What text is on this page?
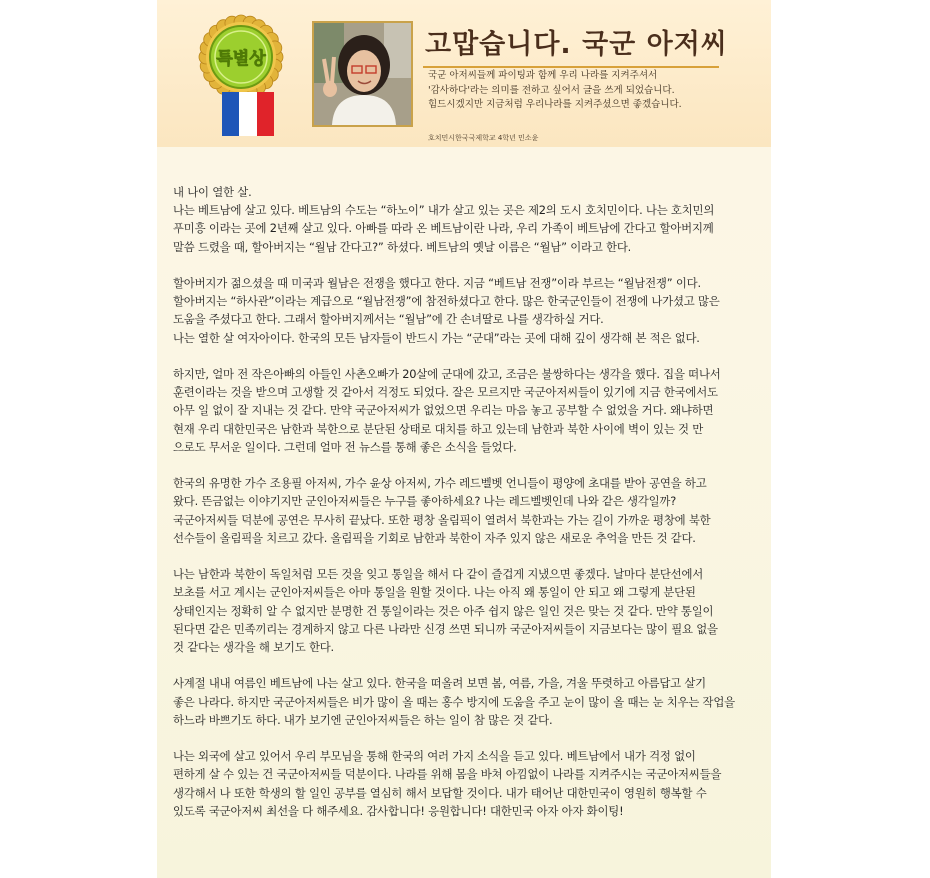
특별상	고맙습니다. 국군 아저씨
국군 아저씨들께 파이팅과 함께 우리 나라를 지켜주셔서
'감사하다'라는 의미를 전하고 싶어서 글을 쓰게 되었습니다.
힘드시겠지만 지금처럼 우리나라를 지켜주셨으면 좋겠습니다.
호치민시한국국제학교 4학년 민소윤

내 나이 열한 살.
나는 베트남에 살고 있다. 베트남의 수도는 “하노이” 내가 살고 있는 곳은 제2의 도시 호치민이다. 나는 호치민의
푸미흥 이라는 곳에 2년째 살고 있다. 아빠를 따라 온 베트남이란 나라, 우리 가족이 베트남에 간다고 할아버지께
말씀 드렸을 때, 할아버지는 “월남 간다고?” 하셨다. 베트남의 옛날 이름은 “월남” 이라고 한다.

할아버지가 젊으셨을 때 미국과 월남은 전쟁을 했다고 한다. 지금 “베트남 전쟁”이라 부르는 “월남전쟁” 이다.
할아버지는 “하사관”이라는 계급으로 “월남전쟁”에 참전하셨다고 한다. 많은 한국군인들이 전쟁에 나가셨고 많은
도움을 주셨다고 한다. 그래서 할아버지께서는 “월남”에 간 손녀딸로 나를 생각하실 거다.
나는 열한 살 여자아이다. 한국의 모든 남자들이 반드시 가는 “군대”라는 곳에 대해 깊이 생각해 본 적은 없다.

하지만, 얼마 전 작은아빠의 아들인 사촌오빠가 20살에 군대에 갔고, 조금은 불쌍하다는 생각을 했다. 집을 떠나서
훈련이라는 것을 받으며 고생할 것 같아서 걱정도 되었다. 잘은 모르지만 국군아저씨들이 있기에 지금 한국에서도
아무 일 없이 잘 지내는 것 같다. 만약 국군아저씨가 없었으면 우리는 마음 놓고 공부할 수 없었을 거다. 왜냐하면
현재 우리 대한민국은 남한과 북한으로 분단된 상태로 대치를 하고 있는데 남한과 북한 사이에 벽이 있는 것 만
으로도 무서운 일이다. 그런데 얼마 전 뉴스를 통해 좋은 소식을 들었다.

한국의 유명한 가수 조용필 아저씨, 가수 윤상 아저씨, 가수 레드벨벳 언니들이 평양에 초대를 받아 공연을 하고
왔다. 뜬금없는 이야기지만 군인아저씨들은 누구를 좋아하세요? 나는 레드벨벳인데 나와 같은 생각일까?
국군아저씨들 덕분에 공연은 무사히 끝났다. 또한 평창 올림픽이 열려서 북한과는 가는 길이 가까운 평창에 북한
선수들이 올림픽을 치르고 갔다. 올림픽을 기회로 남한과 북한이 자주 있지 않은 새로운 추억을 만든 것 같다.

나는 남한과 북한이 독일처럼 모든 것을 잊고 통일을 해서 다 같이 즐겁게 지냈으면 좋겠다. 날마다 분단선에서
보초를 서고 계시는 군인아저씨들은 아마 통일을 원할 것이다. 나는 아직 왜 통일이 안 되고 왜 그렇게 분단된
상태인지는 정확히 알 수 없지만 분명한 건 통일이라는 것은 아주 쉽지 않은 일인 것은 맞는 것 같다. 만약 통일이
된다면 같은 민족끼리는 경계하지 않고 다른 나라만 신경 쓰면 되니까 국군아저씨들이 지금보다는 많이 필요 없을
것 같다는 생각을 해 보기도 한다.

사계절 내내 여름인 베트남에 나는 살고 있다. 한국을 떠올려 보면 봄, 여름, 가을, 겨울 뚜렷하고 아름답고 살기
좋은 나라다. 하지만 국군아저씨들은 비가 많이 올 때는 홍수 방지에 도움을 주고 눈이 많이 올 때는 눈 치우는 작업을
하느라 바쁘기도 하다. 내가 보기엔 군인아저씨들은 하는 일이 참 많은 것 같다.

나는 외국에 살고 있어서 우리 부모님을 통해 한국의 여러 가지 소식을 듣고 있다. 베트남에서 내가 걱정 없이
편하게 살 수 있는 건 국군아저씨들 덕분이다. 나라를 위해 몸을 바쳐 아낌없이 나라를 지켜주시는 국군아저씨들을
생각해서 나 또한 학생의 할 일인 공부를 열심히 해서 보답할 것이다. 내가 태어난 대한민국이 영원히 행복할 수
있도록 국군아저씨 최선을 다 해주세요. 감사합니다! 응원합니다! 대한민국 아자 아자 화이팅!
